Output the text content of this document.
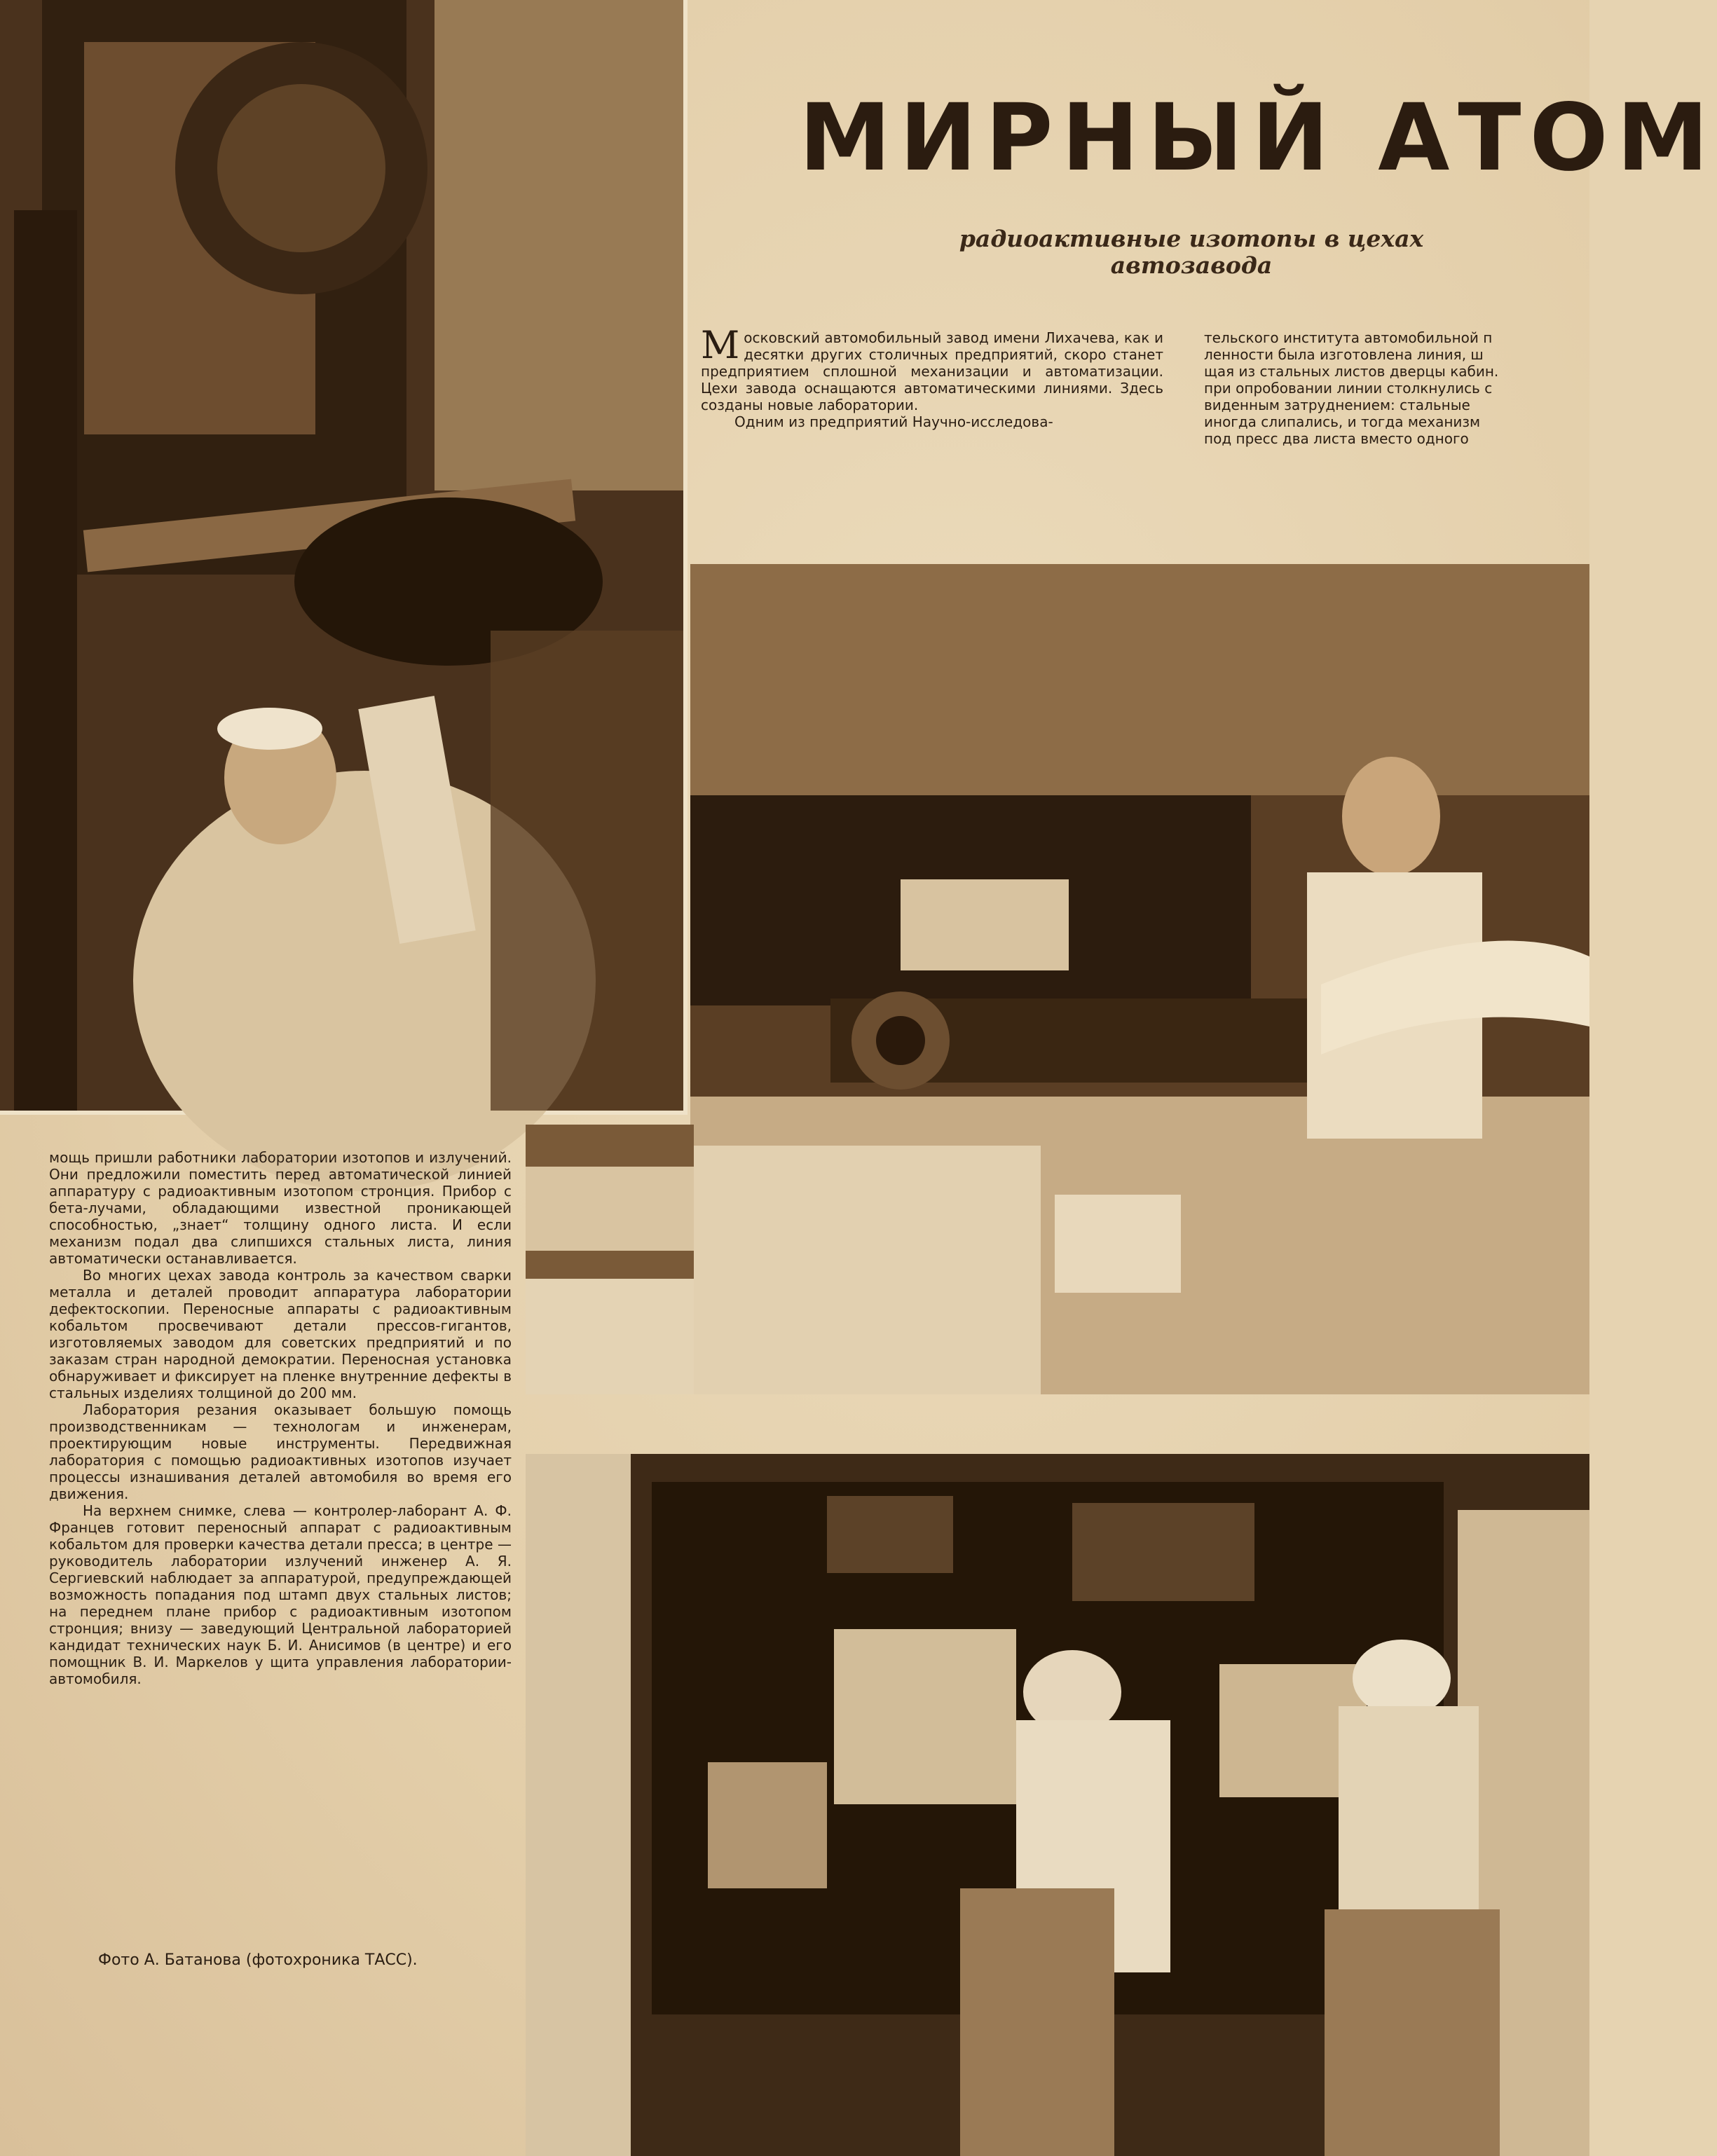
МИРНЫЙ АТОМ
радиоактивные изотопы в цехах
автозавода

Московский автомобильный завод имени Лихачева, как и десятки других столичных предприятий, скоро станет предприятием сплошной механизации и автоматизации. Цехи завода оснащаются автоматическими линиями. Здесь созданы новые лаборатории.

Одним из предприятий Научно-исследова-

тельского института автомобильной п
ленности была изготовлена линия, ш
щая из стальных листов дверцы кабин.
при опробовании линии столкнулись с
виденным затруднением: стальные
иногда слипались, и тогда механизм
под пресс два листа вместо одного

мощь пришли работники лаборатории изотопов и излучений. Они предложили поместить перед автоматической линией аппаратуру с радиоактивным изотопом стронция. Прибор с бета-лучами, обладающими известной проникающей способностью, „знает“ толщину одного листа. И если механизм подал два слипшихся стальных листа, линия автоматически останавливается.

Во многих цехах завода контроль за качеством сварки металла и деталей проводит аппаратура лаборатории дефектоскопии. Переносные аппараты с радиоактивным кобальтом просвечивают детали прессов-гигантов, изготовляемых заводом для советских предприятий и по заказам стран народной демократии. Переносная установка обнаруживает и фиксирует на пленке внутренние дефекты в стальных изделиях толщиной до 200 мм.

Лаборатория резания оказывает большую помощь производственникам — технологам и инженерам, проектирующим новые инструменты. Передвижная лаборатория с помощью радиоактивных изотопов изучает процессы изнашивания деталей автомобиля во время его движения.

На верхнем снимке, слева — контролер-лаборант А. Ф. Францев готовит переносный аппарат с радиоактивным кобальтом для проверки качества детали пресса; в центре — руководитель лаборатории излучений инженер А. Я. Сергиевский наблюдает за аппаратурой, предупреждающей возможность попадания под штамп двух стальных листов; на переднем плане прибор с радиоактивным изотопом стронция; внизу — заведующий Центральной лабораторией кандидат технических наук Б. И. Анисимов (в центре) и его помощник В. И. Маркелов у щита управления лаборатории-автомобиля.

Фото А. Батанова (фотохроника ТАСС).
